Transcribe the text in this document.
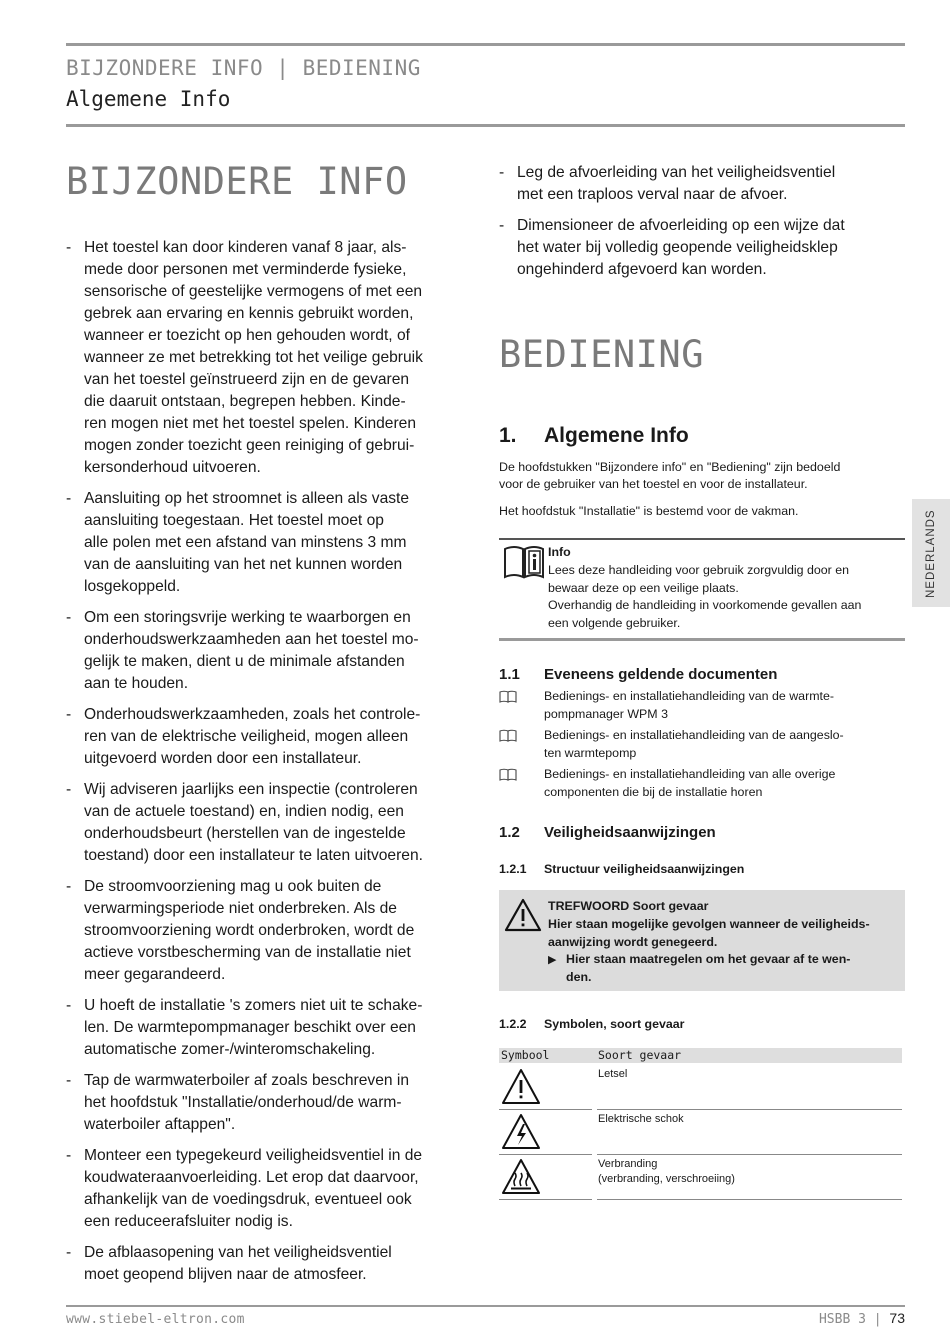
BIJZONDERE INFO | BEDIENING
Algemene Info
BIJZONDERE INFO
- Het toestel kan door kinderen vanaf 8 jaar, als-
mede door personen met verminderde fysieke,
sensorische of geestelijke vermogens of met een
gebrek aan ervaring en kennis gebruikt worden,
wanneer er toezicht op hen gehouden wordt, of
wanneer ze met betrekking tot het veilige gebruik
van het toestel geïnstrueerd zijn en de gevaren
die daaruit ontstaan, begrepen hebben. Kinde-
ren mogen niet met het toestel spelen. Kinderen
mogen zonder toezicht geen reiniging of gebrui-
kersonderhoud uitvoeren.
- Aansluiting op het stroomnet is alleen als vaste
aansluiting toegestaan. Het toestel moet op
alle polen met een afstand van minstens 3 mm
van de aansluiting van het net kunnen worden
losgekoppeld.
- Om een storingsvrije werking te waarborgen en
onderhoudswerkzaamheden aan het toestel mo-
gelijk te maken, dient u de minimale afstanden
aan te houden.
- Onderhoudswerkzaamheden, zoals het controle-
ren van de elektrische veiligheid, mogen alleen
uitgevoerd worden door een installateur.
- Wij adviseren jaarlijks een inspectie (controleren
van de actuele toestand) en, indien nodig, een
onderhoudsbeurt (herstellen van de ingestelde
toestand) door een installateur te laten uitvoeren.
- De stroomvoorziening mag u ook buiten de
verwarmingsperiode niet onderbreken. Als de
stroomvoorziening wordt onderbroken, wordt de
actieve vorstbescherming van de installatie niet
meer gegarandeerd.
- U hoeft de installatie 's zomers niet uit te schake-
len. De warmtepompmanager beschikt over een
automatische zomer-/winteromschakeling.
- Tap de warmwaterboiler af zoals beschreven in
het hoofdstuk "Installatie/onderhoud/de warm-
waterboiler aftappen".
- Monteer een typegekeurd veiligheidsventiel in de
koudwateraanvoerleiding. Let erop dat daarvoor,
afhankelijk van de voedingsdruk, eventueel ook
een reduceerafsluiter nodig is.
- De afblaasopening van het veiligheidsventiel
moet geopend blijven naar de atmosfeer.
- Leg de afvoerleiding van het veiligheidsventiel
met een traploos verval naar de afvoer.
- Dimensioneer de afvoerleiding op een wijze dat
het water bij volledig geopende veiligheidsklep
ongehinderd afgevoerd kan worden.
BEDIENING
1. Algemene Info

De hoofdstukken "Bijzondere info" en "Bediening" zijn bedoeld
voor de gebruiker van het toestel en voor de installateur.

Het hoofdstuk "Installatie" is bestemd voor de vakman.

Info

Lees deze handleiding voor gebruik zorgvuldig door en
bewaar deze op een veilige plaats.
Overhandig de handleiding in voorkomende gevallen aan
een volgende gebruiker.

1.1 Eveneens geldende documenten
Bedienings- en installatiehandleiding van de warmte-
pompmanager WPM 3
Bedienings- en installatiehandleiding van de aangeslo-
ten warmtepomp
Bedienings- en installatiehandleiding van alle overige
componenten die bij de installatie horen
1.2 Veiligheidsaanwijzingen
1.2.1 Structuur veiligheidsaanwijzingen
TREFWOORD Soort gevaar

Hier staan mogelijke gevolgen wanneer de veiligheids-
aanwijzing wordt genegeerd.

▶ Hier staan maatregelen om het gevaar af te wen-
den.

1.2.2 Symbolen, soort gevaar
Symbool	Soort gevaar
Letsel
Elektrische schok
Verbranding
(verbranding, verschroeiing)
NEDERLANDS
www.stiebel-eltron.com	HSBB 3 | 73
